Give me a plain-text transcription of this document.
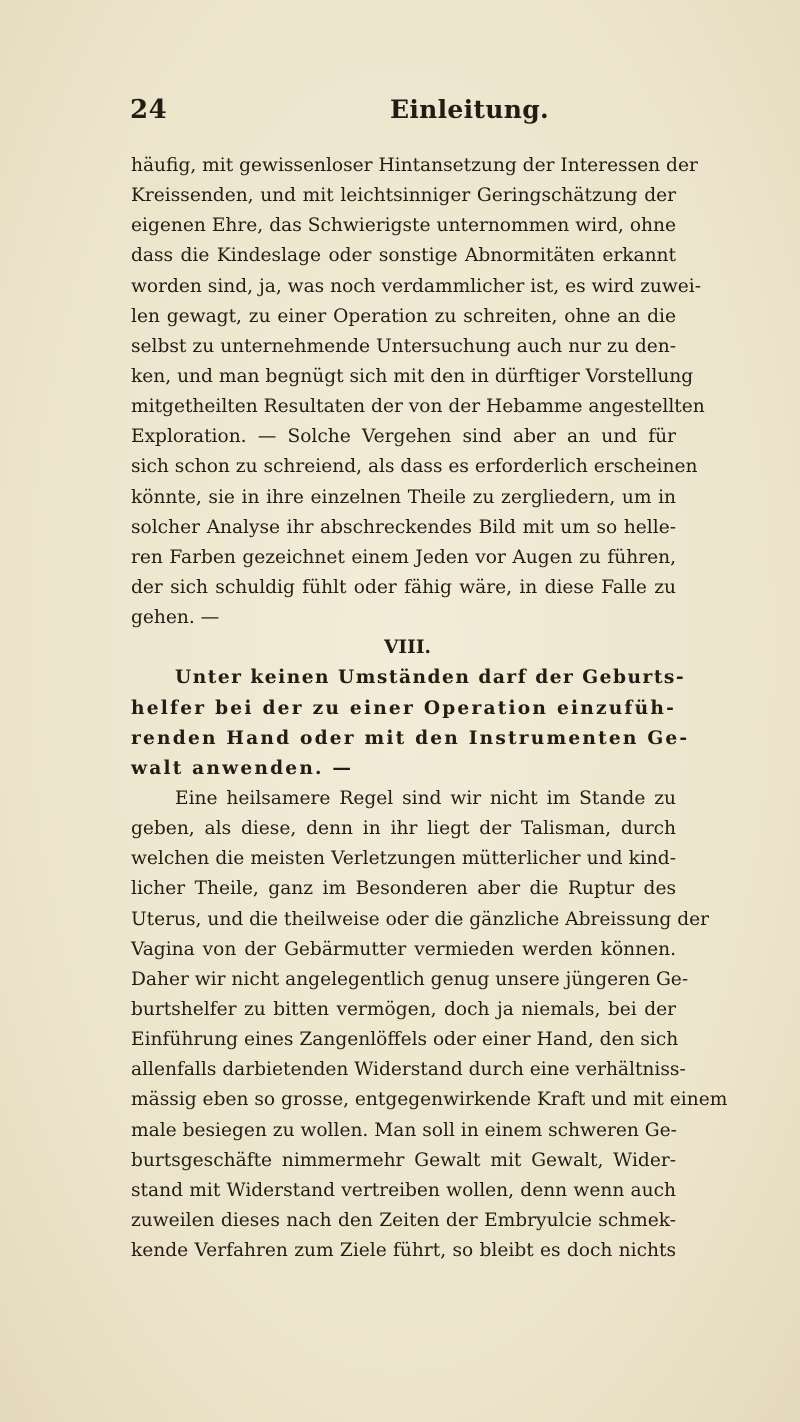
24	Einleitung.
häufig, mit gewissenloser Hintansetzung der Interessen der
Kreissenden, und mit leichtsinniger Geringschätzung der
eigenen Ehre, das Schwierigste unternommen wird, ohne
dass die Kindeslage oder sonstige Abnormitäten erkannt
worden sind, ja, was noch verdammlicher ist, es wird zuwei-
len gewagt, zu einer Operation zu schreiten, ohne an die
selbst zu unternehmende Untersuchung auch nur zu den-
ken, und man begnügt sich mit den in dürftiger Vorstellung
mitgetheilten Resultaten der von der Hebamme angestellten
Exploration. — Solche Vergehen sind aber an und für
sich schon zu schreiend, als dass es erforderlich erscheinen
könnte, sie in ihre einzelnen Theile zu zergliedern, um in
solcher Analyse ihr abschreckendes Bild mit um so helle-
ren Farben gezeichnet einem Jeden vor Augen zu führen,
der sich schuldig fühlt oder fähig wäre, in diese Falle zu
gehen. —
VIII.
Unter keinen Umständen darf der Geburts-
helfer bei der zu einer Operation einzufüh-
renden Hand oder mit den Instrumenten Ge-
walt anwenden. —
Eine heilsamere Regel sind wir nicht im Stande zu
geben, als diese, denn in ihr liegt der Talisman, durch
welchen die meisten Verletzungen mütterlicher und kind-
licher Theile, ganz im Besonderen aber die Ruptur des
Uterus, und die theilweise oder die gänzliche Abreissung der
Vagina von der Gebärmutter vermieden werden können.
Daher wir nicht angelegentlich genug unsere jüngeren Ge-
burtshelfer zu bitten vermögen, doch ja niemals, bei der
Einführung eines Zangenlöffels oder einer Hand, den sich
allenfalls darbietenden Widerstand durch eine verhältniss-
mässig eben so grosse, entgegenwirkende Kraft und mit einem
male besiegen zu wollen. Man soll in einem schweren Ge-
burtsgeschäfte nimmermehr Gewalt mit Gewalt, Wider-
stand mit Widerstand vertreiben wollen, denn wenn auch
zuweilen dieses nach den Zeiten der Embryulcie schmek-
kende Verfahren zum Ziele führt, so bleibt es doch nichts
